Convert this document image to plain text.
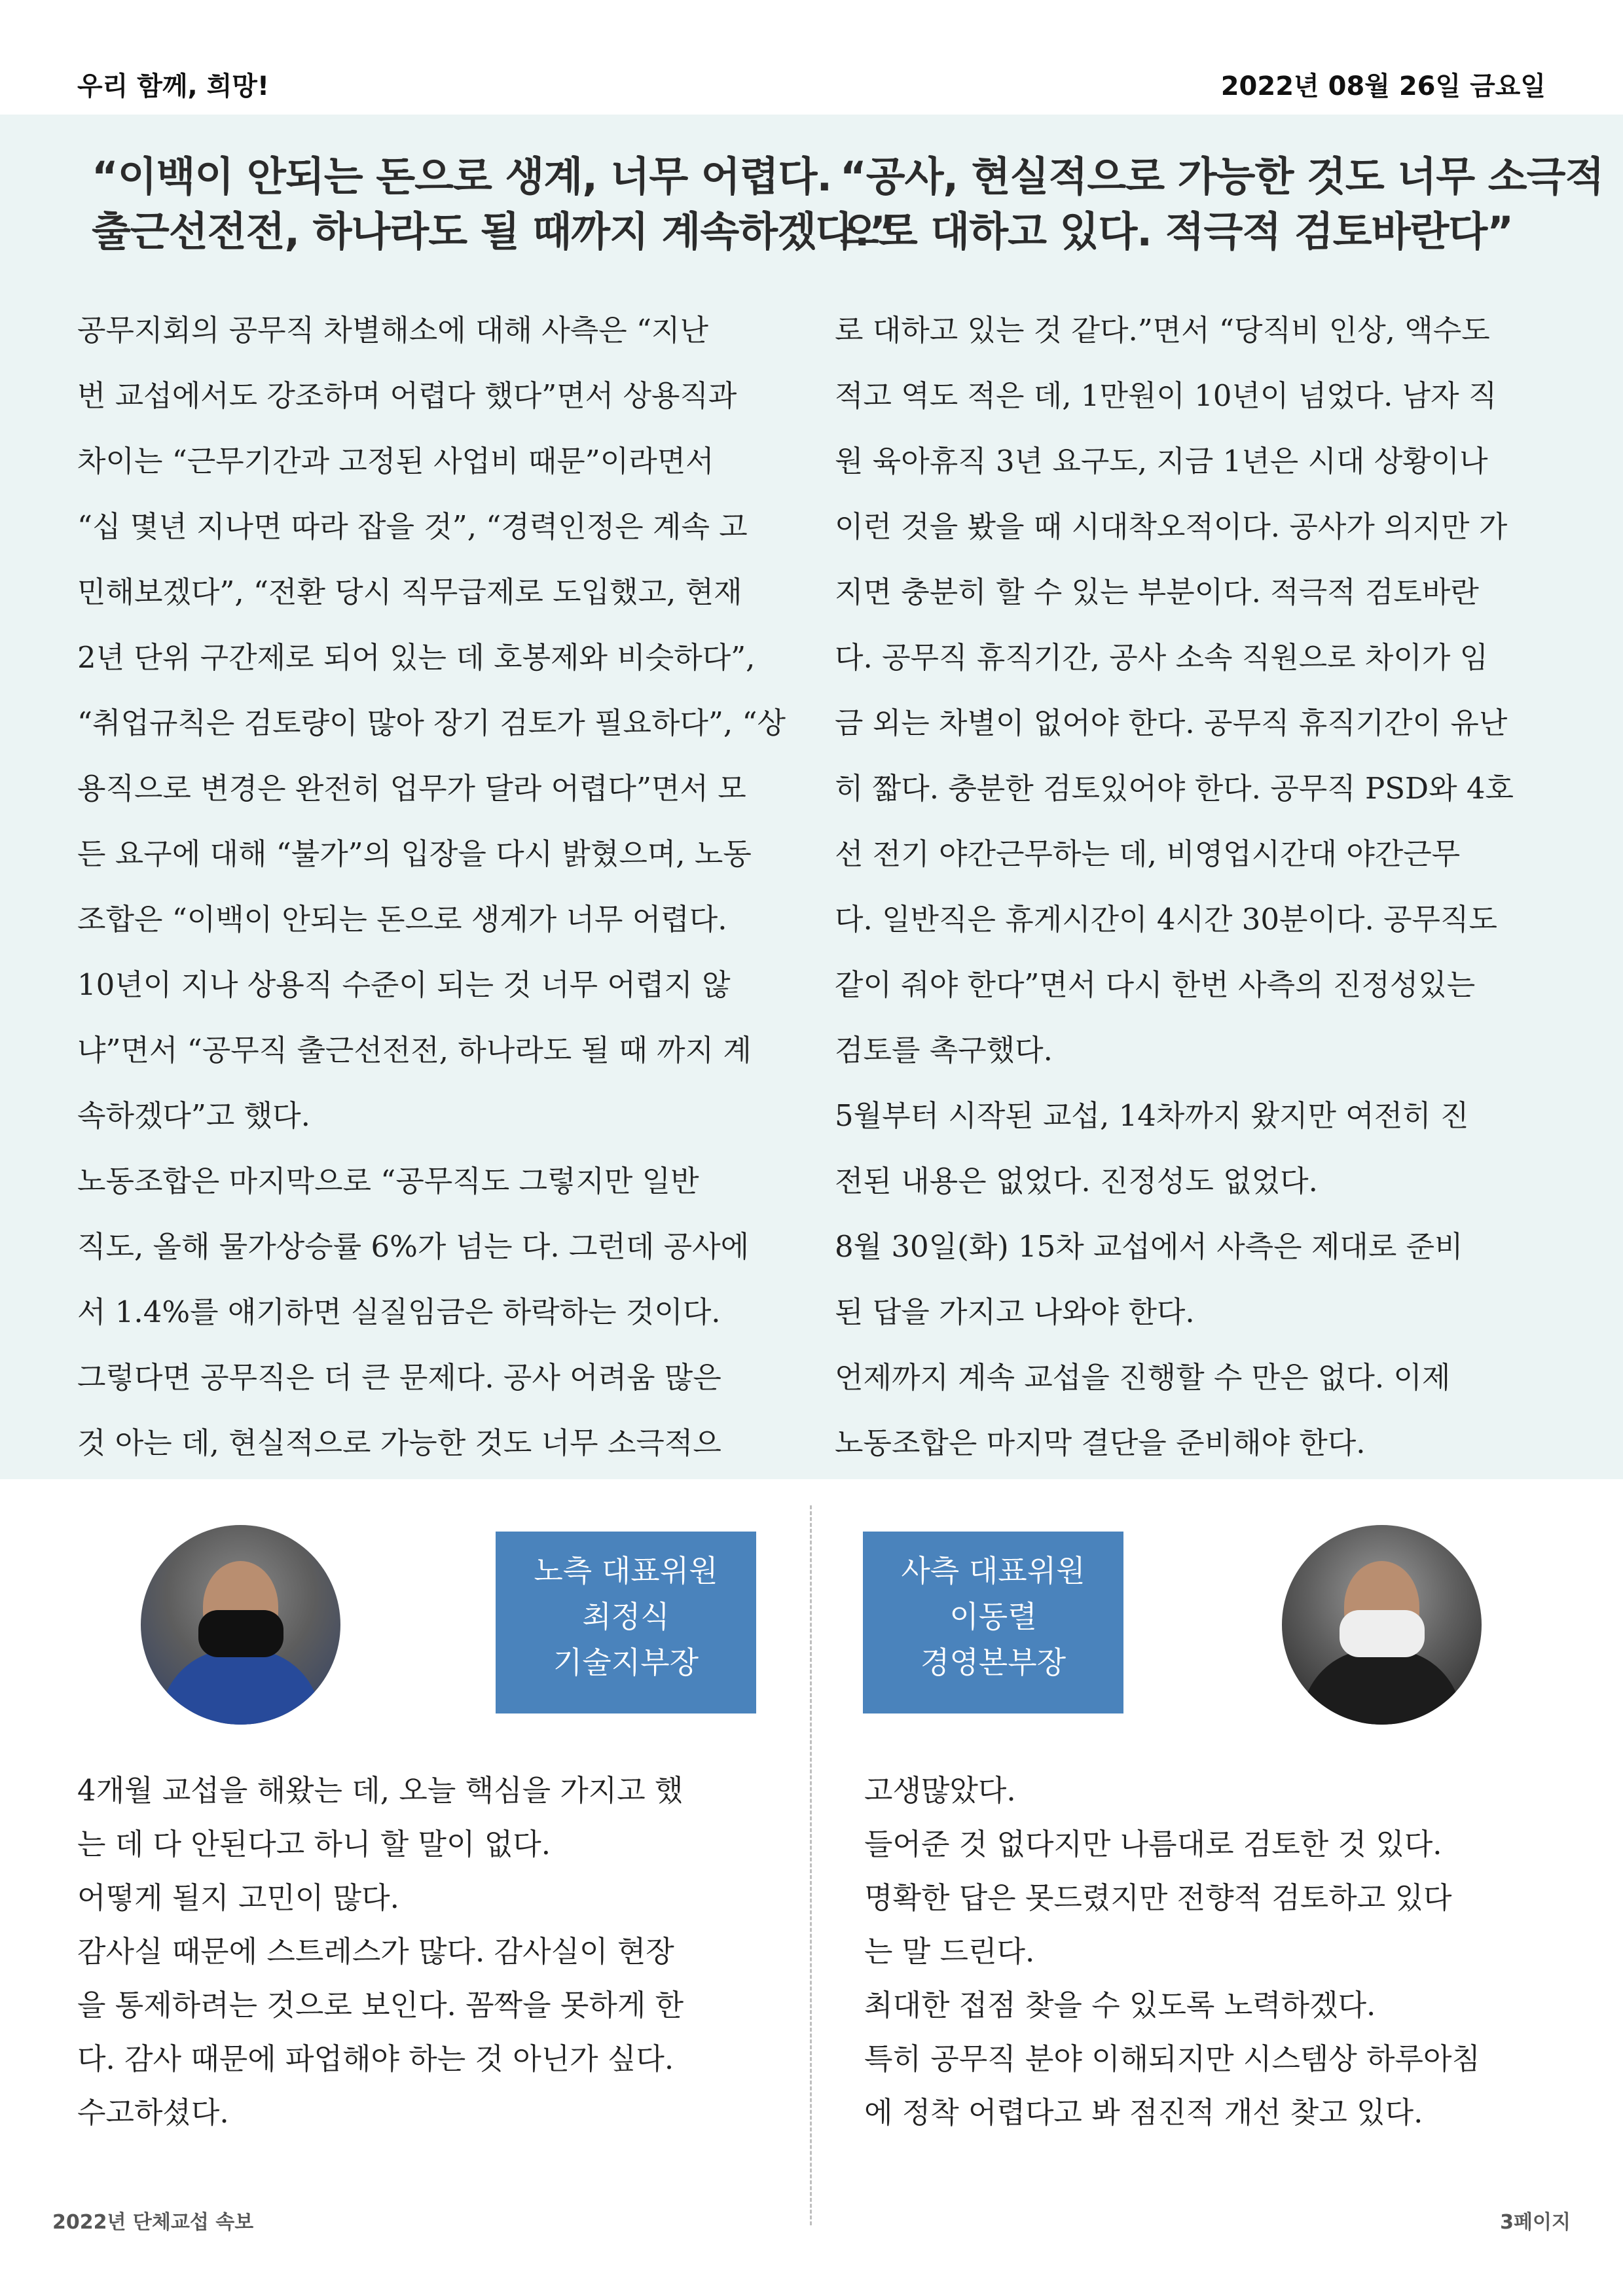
우리 함께, 희망!	2022년 08월 26일 금요일
“이백이 안되는 돈으로 생계, 너무 어렵다.
출근선전전, 하나라도 될 때까지 계속하겠다.”
“공사, 현실적으로 가능한 것도 너무 소극적
으로 대하고 있다. 적극적 검토바란다”
공무지회의 공무직 차별해소에 대해 사측은 “지난
번 교섭에서도 강조하며 어렵다 했다”면서 상용직과
차이는 “근무기간과 고정된 사업비 때문”이라면서
“십 몇년 지나면 따라 잡을 것”, “경력인정은 계속 고
민해보겠다”, “전환 당시 직무급제로 도입했고, 현재
2년 단위 구간제로 되어 있는 데 호봉제와 비슷하다”,
“취업규칙은 검토량이 많아 장기 검토가 필요하다”, “상
용직으로 변경은 완전히 업무가 달라 어렵다”면서 모
든 요구에 대해 “불가”의 입장을 다시 밝혔으며, 노동
조합은 “이백이 안되는 돈으로 생계가 너무 어렵다.
10년이 지나 상용직 수준이 되는 것 너무 어렵지 않
냐”면서 “공무직 출근선전전, 하나라도 될 때 까지 계
속하겠다”고 했다.
노동조합은 마지막으로 “공무직도 그렇지만 일반
직도, 올해 물가상승률 6%가 넘는 다. 그런데 공사에
서 1.4%를 얘기하면 실질임금은 하락하는 것이다.
그렇다면 공무직은 더 큰 문제다. 공사 어려움 많은
것 아는 데, 현실적으로 가능한 것도 너무 소극적으
로 대하고 있는 것 같다.”면서 “당직비 인상, 액수도
적고 역도 적은 데, 1만원이 10년이 넘었다. 남자 직
원 육아휴직 3년 요구도, 지금 1년은 시대 상황이나
이런 것을 봤을 때 시대착오적이다. 공사가 의지만 가
지면 충분히 할 수 있는 부분이다. 적극적 검토바란
다. 공무직 휴직기간, 공사 소속 직원으로 차이가 임
금 외는 차별이 없어야 한다. 공무직 휴직기간이 유난
히 짧다. 충분한 검토있어야 한다. 공무직 PSD와 4호
선 전기 야간근무하는 데, 비영업시간대 야간근무
다. 일반직은 휴게시간이 4시간 30분이다. 공무직도
같이 줘야 한다”면서 다시 한번 사측의 진정성있는
검토를 촉구했다.
5월부터 시작된 교섭, 14차까지 왔지만 여전히 진
전된 내용은 없었다. 진정성도 없었다.
8월 30일(화) 15차 교섭에서 사측은 제대로 준비
된 답을 가지고 나와야 한다.
언제까지 계속 교섭을 진행할 수 만은 없다. 이제
노동조합은 마지막 결단을 준비해야 한다.
노측 대표위원
최정식
기술지부장
사측 대표위원
이동렬
경영본부장
4개월 교섭을 해왔는 데, 오늘 핵심을 가지고 했
는 데 다 안된다고 하니 할 말이 없다.
어떻게 될지 고민이 많다.
감사실 때문에 스트레스가 많다. 감사실이 현장
을 통제하려는 것으로 보인다. 꼼짝을 못하게 한
다. 감사 때문에 파업해야 하는 것 아닌가 싶다.
수고하셨다.
고생많았다.
들어준 것 없다지만 나름대로 검토한 것 있다.
명확한 답은 못드렸지만 전향적 검토하고 있다
는 말 드린다.
최대한 접점 찾을 수 있도록 노력하겠다.
특히 공무직 분야 이해되지만 시스템상 하루아침
에 정착 어렵다고 봐 점진적 개선 찾고 있다.
2022년 단체교섭 속보	3페이지
